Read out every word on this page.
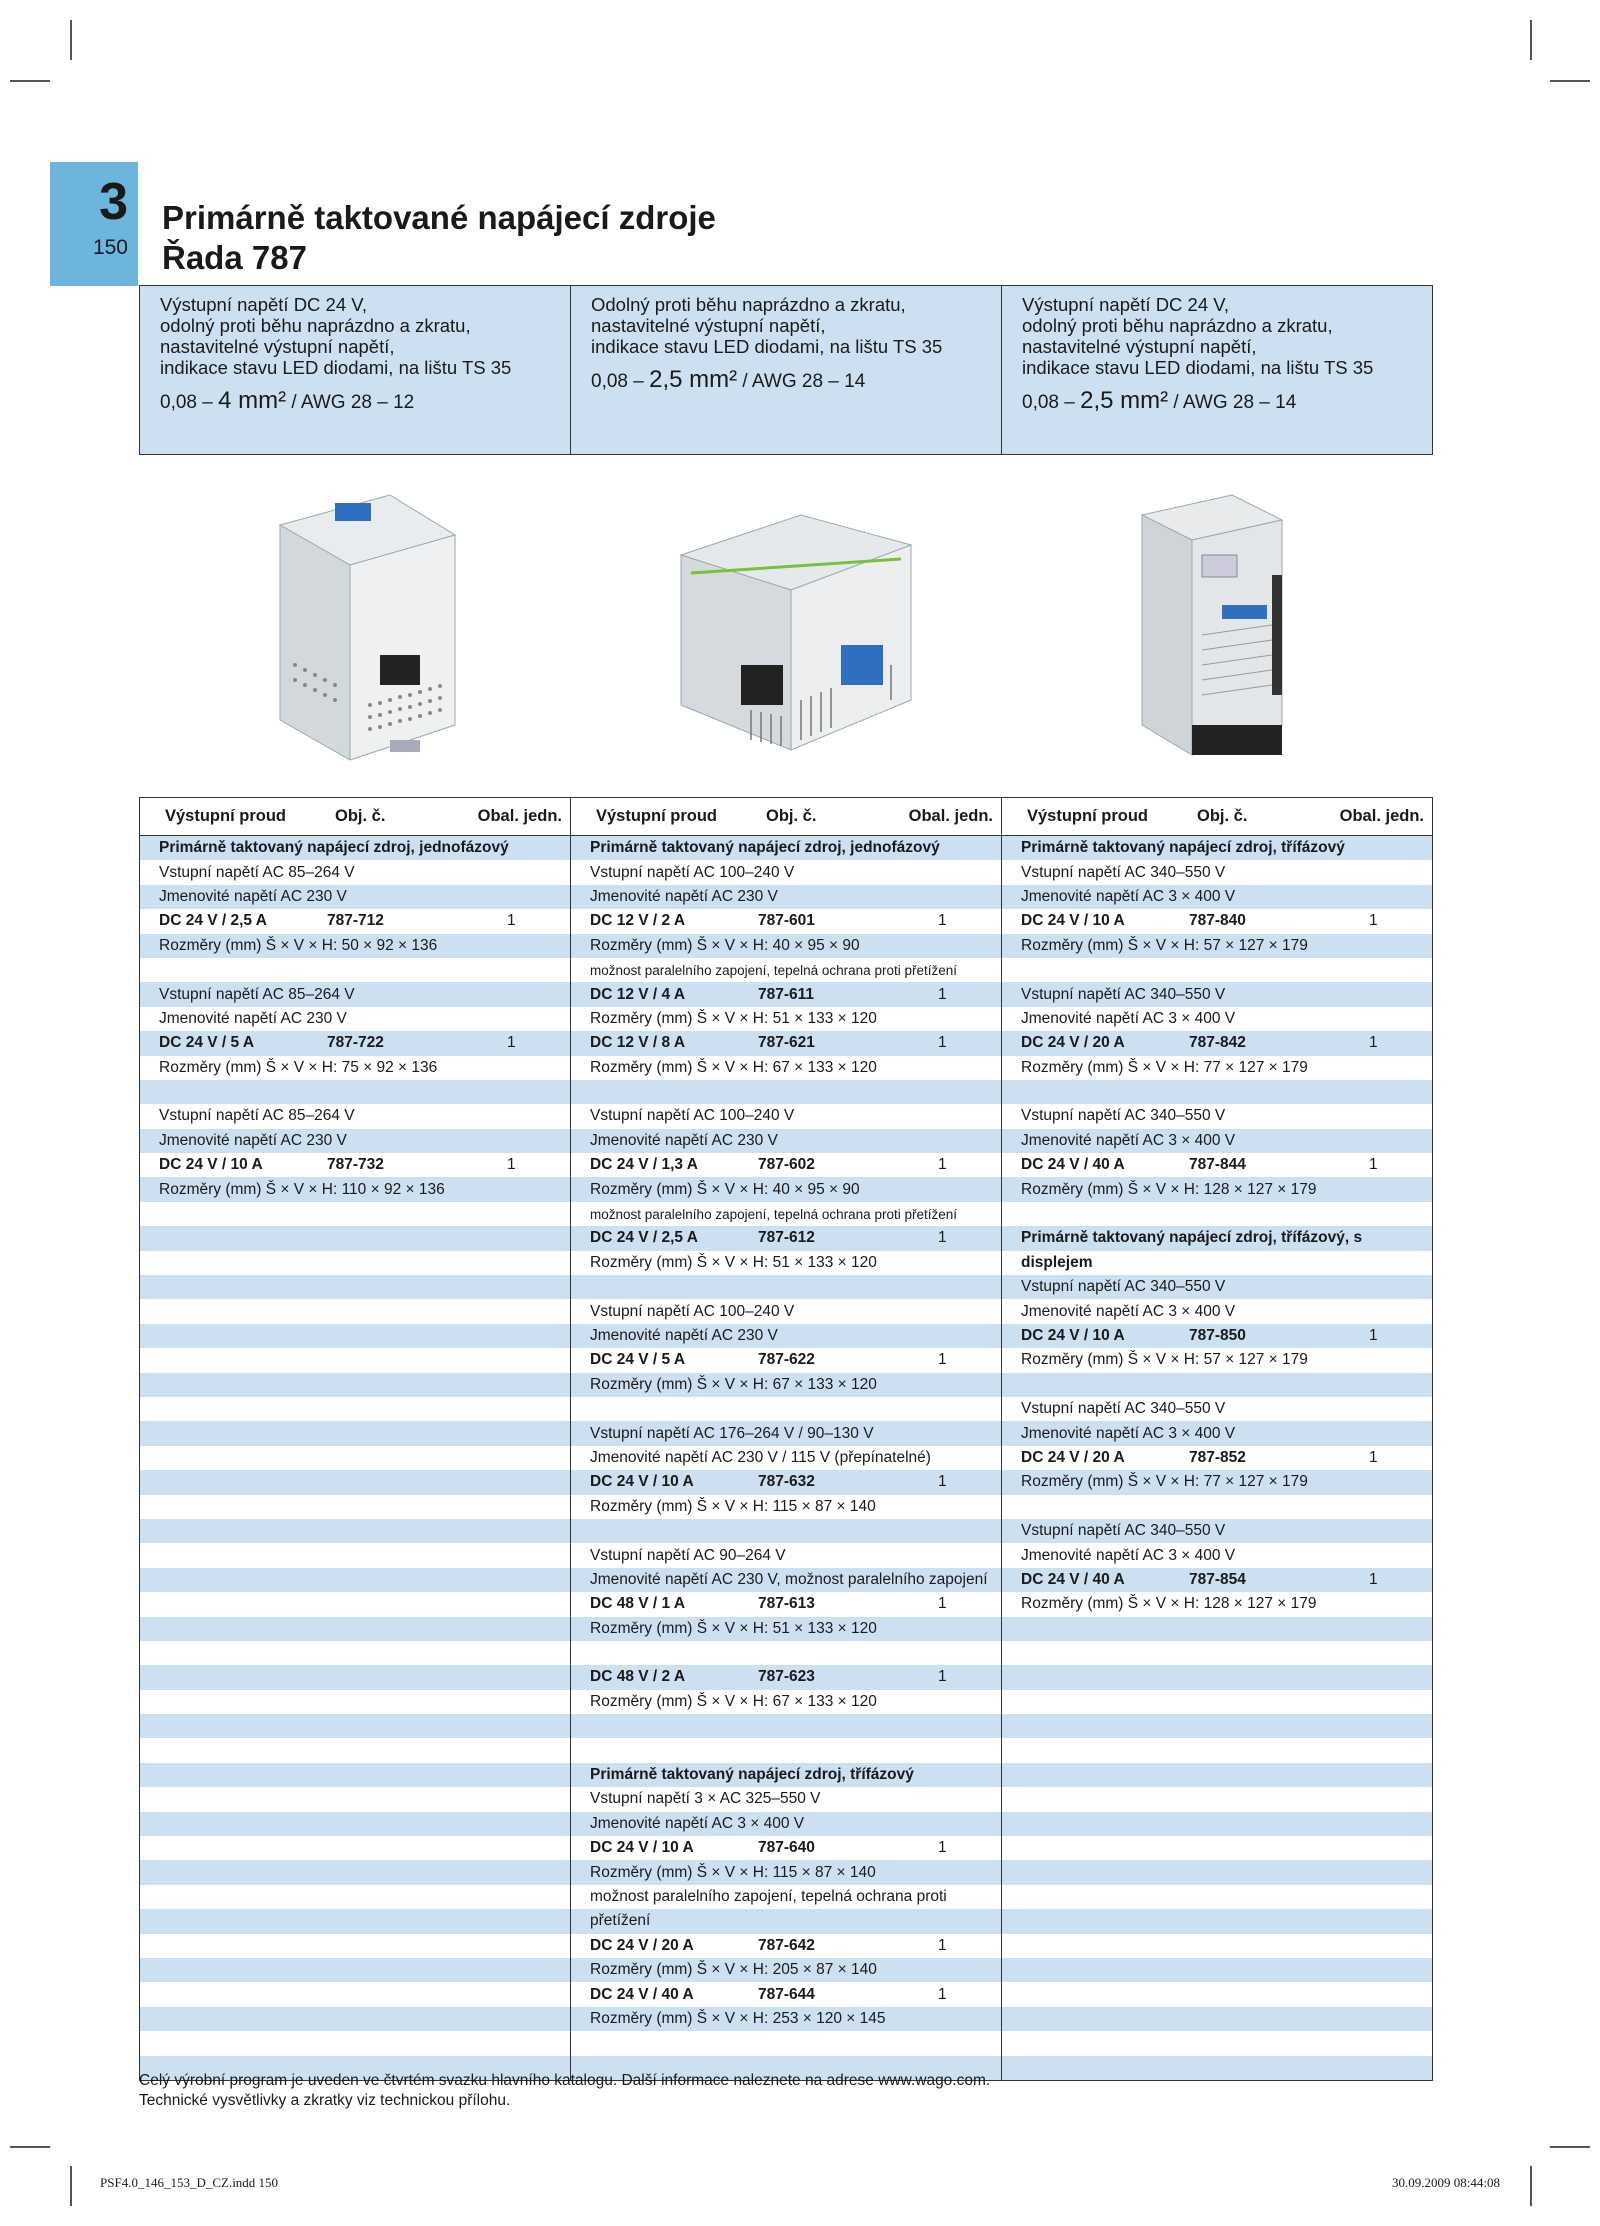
3
150
Primárně taktované napájecí zdroje
Řada 787
Výstupní napětí DC 24 V,
odolný proti běhu naprázdno a zkratu,
nastavitelné výstupní napětí,
indikace stavu LED diodami, na lištu TS 35
0,08 – 4 mm² / AWG 28 – 12
Odolný proti běhu naprázdno a zkratu,
nastavitelné výstupní napětí,
indikace stavu LED diodami, na lištu TS 35
0,08 – 2,5 mm² / AWG 28 – 14
Výstupní napětí DC 24 V,
odolný proti běhu naprázdno a zkratu,
nastavitelné výstupní napětí,
indikace stavu LED diodami, na lištu TS 35
0,08 – 2,5 mm² / AWG 28 – 14
Výstupní proud	Obj. č.	Obal. jedn. Výstupní proud	Obj. č.	Obal. jedn. Výstupní proud	Obj. č.	Obal. jedn.
Primárně taktovaný napájecí zdroj, jednofázový
Vstupní napětí AC 85–264 V
Jmenovité napětí AC 230 V
DC 24 V / 2,5 A	787-712	1
Rozměry (mm) Š × V × H: 50 × 92 × 136
Vstupní napětí AC 85–264 V
Jmenovité napětí AC 230 V
DC 24 V / 5 A	787-722	1
Rozměry (mm) Š × V × H: 75 × 92 × 136
Vstupní napětí AC 85–264 V
Jmenovité napětí AC 230 V
DC 24 V / 10 A	787-732	1
Rozměry (mm) Š × V × H: 110 × 92 × 136
Primárně taktovaný napájecí zdroj, jednofázový
Vstupní napětí AC 100–240 V
Jmenovité napětí AC 230 V
DC 12 V / 2 A	787-601	1
Rozměry (mm) Š × V × H: 40 × 95 × 90
možnost paralelního zapojení, tepelná ochrana proti přetížení
DC 12 V / 4 A	787-611	1
Rozměry (mm) Š × V × H: 51 × 133 × 120
DC 12 V / 8 A	787-621	1
Rozměry (mm) Š × V × H: 67 × 133 × 120
Vstupní napětí AC 100–240 V
Jmenovité napětí AC 230 V
DC 24 V / 1,3 A	787-602	1
Rozměry (mm) Š × V × H: 40 × 95 × 90
možnost paralelního zapojení, tepelná ochrana proti přetížení
DC 24 V / 2,5 A	787-612	1
Rozměry (mm) Š × V × H: 51 × 133 × 120
Vstupní napětí AC 100–240 V
Jmenovité napětí AC 230 V
DC 24 V / 5 A	787-622	1
Rozměry (mm) Š × V × H: 67 × 133 × 120
Vstupní napětí AC 176–264 V / 90–130 V
Jmenovité napětí AC 230 V / 115 V (přepínatelné)
DC 24 V / 10 A	787-632	1
Rozměry (mm) Š × V × H: 115 × 87 × 140
Vstupní napětí AC 90–264 V
Jmenovité napětí AC 230 V, možnost paralelního zapojení
DC 48 V / 1 A	787-613	1
Rozměry (mm) Š × V × H: 51 × 133 × 120
DC 48 V / 2 A	787-623	1
Rozměry (mm) Š × V × H: 67 × 133 × 120
Primárně taktovaný napájecí zdroj, třífázový
Vstupní napětí 3 × AC 325–550 V
Jmenovité napětí AC 3 × 400 V
DC 24 V / 10 A	787-640	1
Rozměry (mm) Š × V × H: 115 × 87 × 140
možnost paralelního zapojení, tepelná ochrana proti
přetížení
DC 24 V / 20 A	787-642	1
Rozměry (mm) Š × V × H: 205 × 87 × 140
DC 24 V / 40 A	787-644	1
Rozměry (mm) Š × V × H: 253 × 120 × 145
Primárně taktovaný napájecí zdroj, třífázový
Vstupní napětí AC 340–550 V
Jmenovité napětí AC 3 × 400 V
DC 24 V / 10 A	787-840	1
Rozměry (mm) Š × V × H: 57 × 127 × 179
Vstupní napětí AC 340–550 V
Jmenovité napětí AC 3 × 400 V
DC 24 V / 20 A	787-842	1
Rozměry (mm) Š × V × H: 77 × 127 × 179
Vstupní napětí AC 340–550 V
Jmenovité napětí AC 3 × 400 V
DC 24 V / 40 A	787-844	1
Rozměry (mm) Š × V × H: 128 × 127 × 179
Primárně taktovaný napájecí zdroj, třífázový, s
displejem
Vstupní napětí AC 340–550 V
Jmenovité napětí AC 3 × 400 V
DC 24 V / 10 A	787-850	1
Rozměry (mm) Š × V × H: 57 × 127 × 179
Vstupní napětí AC 340–550 V
Jmenovité napětí AC 3 × 400 V
DC 24 V / 20 A	787-852	1
Rozměry (mm) Š × V × H: 77 × 127 × 179
Vstupní napětí AC 340–550 V
Jmenovité napětí AC 3 × 400 V
DC 24 V / 40 A	787-854	1
Rozměry (mm) Š × V × H: 128 × 127 × 179
Celý výrobní program je uveden ve čtvrtém svazku hlavního katalogu. Další informace naleznete na adrese www.wago.com.
Technické vysvětlivky a zkratky viz technickou přílohu.
PSF4.0_146_153_D_CZ.indd 150	30.09.2009 08:44:08
